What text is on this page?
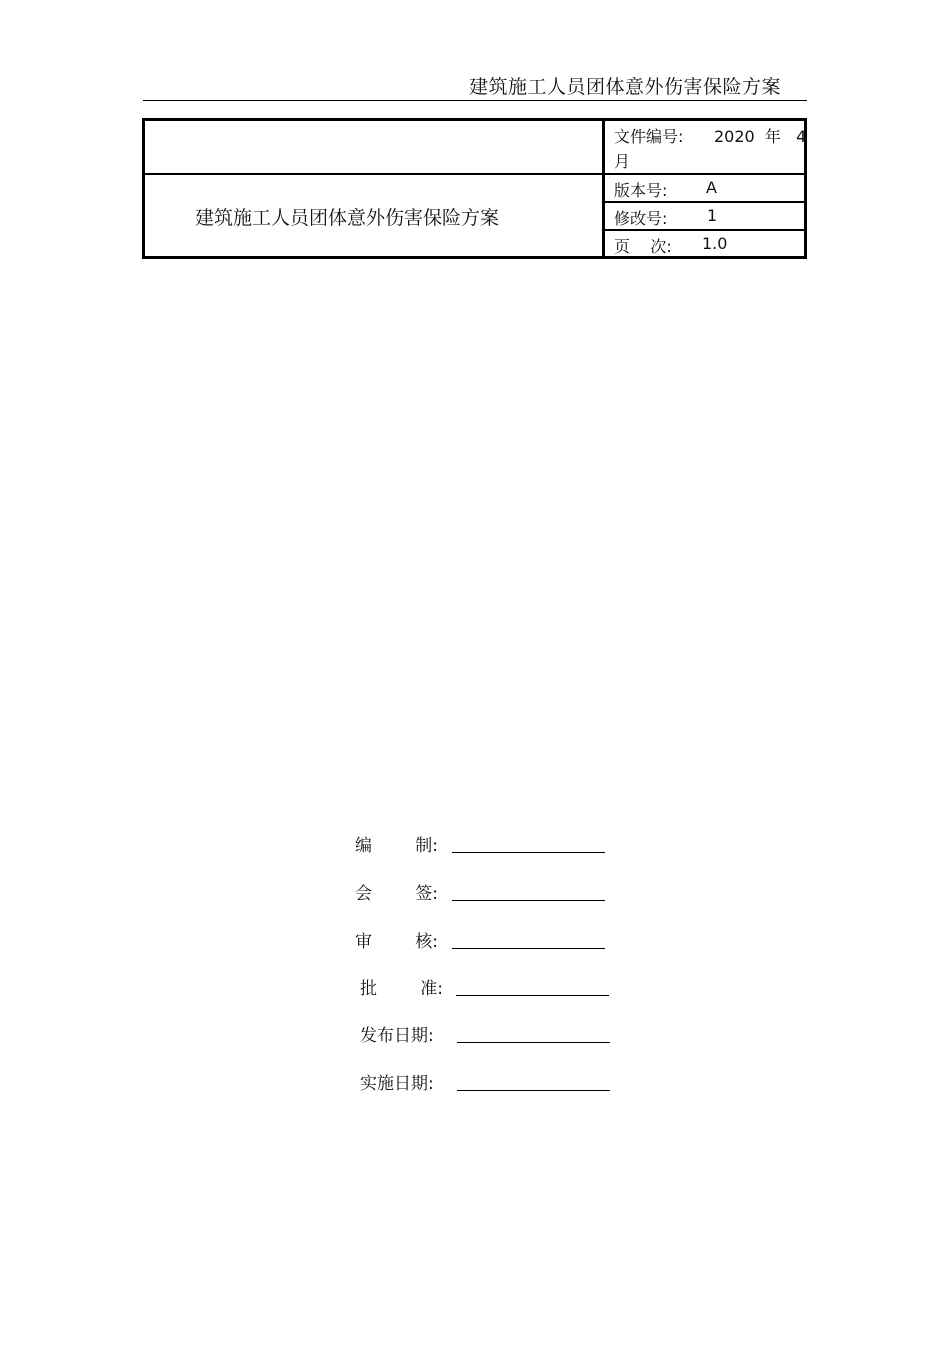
建筑施工人员团体意外伤害保险方案
建筑施工人员团体意外伤害保险方案
文件编号: 2020  年   4
月
版本号: A
修改号: 1
页    次: 1.0
编        制:
会        签:
审        核:
批        准:
发布日期:
实施日期:
